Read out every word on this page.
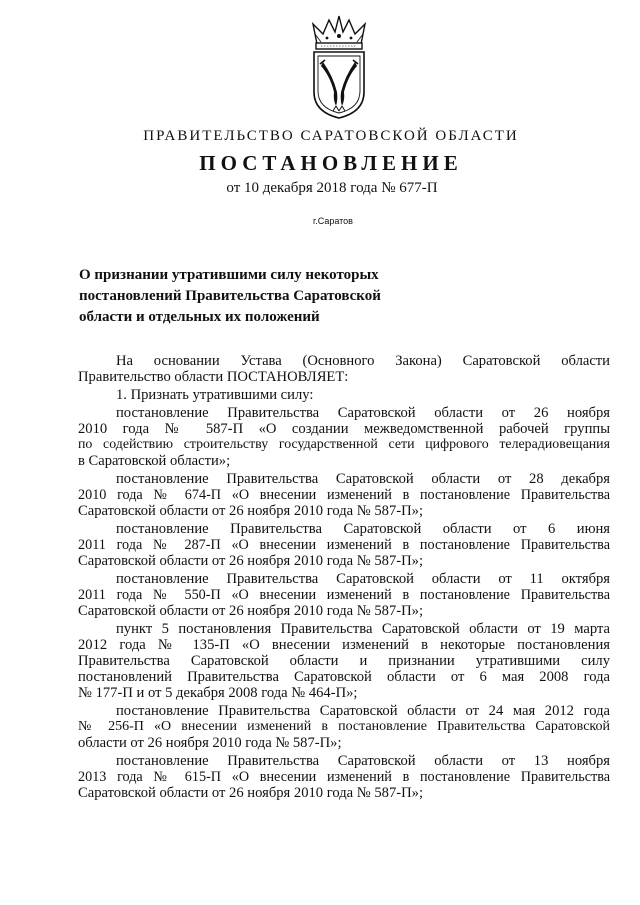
ПРАВИТЕЛЬСТВО САРАТОВСКОЙ ОБЛАСТИ
ПОСТАНОВЛЕНИЕ
от 10 декабря 2018 года № 677-П
г.Саратов
О признании утратившими силу некоторых
постановлений Правительства Саратовской
области и отдельных их положений
На основании Устава (Основного Закона) Саратовской области
Правительство области ПОСТАНОВЛЯЕТ:
1. Признать утратившими силу:
постановление Правительства Саратовской области от 26 ноября
2010 года № 587-П «О создании межведомственной рабочей группы
по содействию строительству государственной сети цифрового телерадиовещания
в Саратовской области»;
постановление Правительства Саратовской области от 28 декабря
2010 года № 674-П «О внесении изменений в постановление Правительства
Саратовской области от 26 ноября 2010 года № 587-П»;
постановление Правительства Саратовской области от 6 июня
2011 года № 287-П «О внесении изменений в постановление Правительства
Саратовской области от 26 ноября 2010 года № 587-П»;
постановление Правительства Саратовской области от 11 октября
2011 года № 550-П «О внесении изменений в постановление Правительства
Саратовской области от 26 ноября 2010 года № 587-П»;
пункт 5 постановления Правительства Саратовской области от 19 марта
2012 года № 135-П «О внесении изменений в некоторые постановления
Правительства Саратовской области и признании утратившими силу
постановлений Правительства Саратовской области от 6 мая 2008 года
№ 177-П и от 5 декабря 2008 года № 464-П»;
постановление Правительства Саратовской области от 24 мая 2012 года
№ 256-П «О внесении изменений в постановление Правительства Саратовской
области от 26 ноября 2010 года № 587-П»;
постановление Правительства Саратовской области от 13 ноября
2013 года № 615-П «О внесении изменений в постановление Правительства
Саратовской области от 26 ноября 2010 года № 587-П»;
